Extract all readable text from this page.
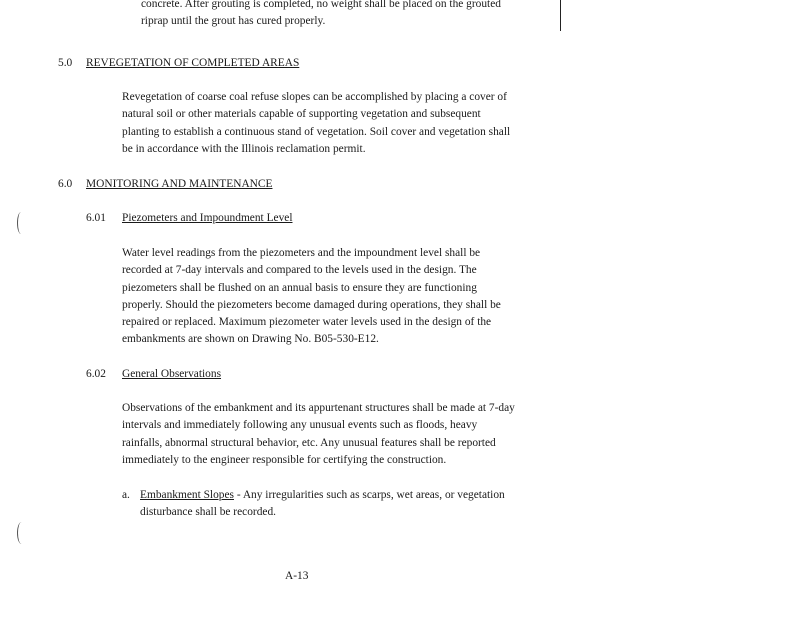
concrete. After grouting is completed, no weight shall be placed on the grouted
riprap until the grout has cured properly.
5.0 REVEGETATION OF COMPLETED AREAS
Revegetation of coarse coal refuse slopes can be accomplished by placing a cover of
natural soil or other materials capable of supporting vegetation and subsequent
planting to establish a continuous stand of vegetation. Soil cover and vegetation shall
be in accordance with the Illinois reclamation permit.
6.0 MONITORING AND MAINTENANCE
6.01 Piezometers and Impoundment Level
Water level readings from the piezometers and the impoundment level shall be
recorded at 7-day intervals and compared to the levels used in the design. The
piezometers shall be flushed on an annual basis to ensure they are functioning
properly. Should the piezometers become damaged during operations, they shall be
repaired or replaced. Maximum piezometer water levels used in the design of the
embankments are shown on Drawing No. B05-530-E12.
6.02 General Observations
Observations of the embankment and its appurtenant structures shall be made at 7-day
intervals and immediately following any unusual events such as floods, heavy
rainfalls, abnormal structural behavior, etc. Any unusual features shall be reported
immediately to the engineer responsible for certifying the construction.
a. Embankment Slopes - Any irregularities such as scarps, wet areas, or vegetation
disturbance shall be recorded.
A-13
